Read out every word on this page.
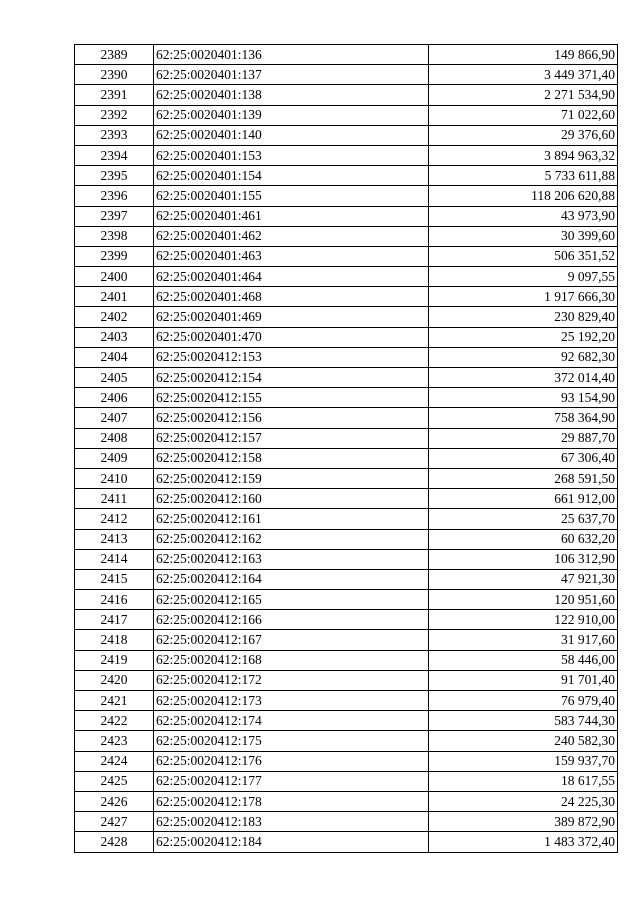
2389	62:25:0020401:136	149 866,90
2390	62:25:0020401:137	3 449 371,40
2391	62:25:0020401:138	2 271 534,90
2392	62:25:0020401:139	71 022,60
2393	62:25:0020401:140	29 376,60
2394	62:25:0020401:153	3 894 963,32
2395	62:25:0020401:154	5 733 611,88
2396	62:25:0020401:155	118 206 620,88
2397	62:25:0020401:461	43 973,90
2398	62:25:0020401:462	30 399,60
2399	62:25:0020401:463	506 351,52
2400	62:25:0020401:464	9 097,55
2401	62:25:0020401:468	1 917 666,30
2402	62:25:0020401:469	230 829,40
2403	62:25:0020401:470	25 192,20
2404	62:25:0020412:153	92 682,30
2405	62:25:0020412:154	372 014,40
2406	62:25:0020412:155	93 154,90
2407	62:25:0020412:156	758 364,90
2408	62:25:0020412:157	29 887,70
2409	62:25:0020412:158	67 306,40
2410	62:25:0020412:159	268 591,50
2411	62:25:0020412:160	661 912,00
2412	62:25:0020412:161	25 637,70
2413	62:25:0020412:162	60 632,20
2414	62:25:0020412:163	106 312,90
2415	62:25:0020412:164	47 921,30
2416	62:25:0020412:165	120 951,60
2417	62:25:0020412:166	122 910,00
2418	62:25:0020412:167	31 917,60
2419	62:25:0020412:168	58 446,00
2420	62:25:0020412:172	91 701,40
2421	62:25:0020412:173	76 979,40
2422	62:25:0020412:174	583 744,30
2423	62:25:0020412:175	240 582,30
2424	62:25:0020412:176	159 937,70
2425	62:25:0020412:177	18 617,55
2426	62:25:0020412:178	24 225,30
2427	62:25:0020412:183	389 872,90
2428	62:25:0020412:184	1 483 372,40
